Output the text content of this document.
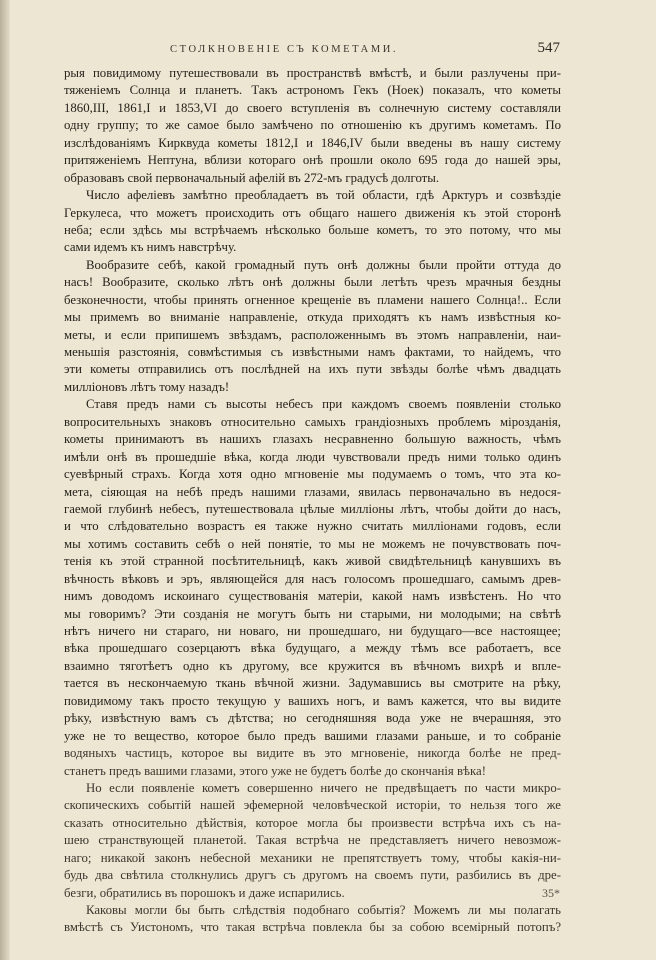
СТОЛКНОВЕНІЕ СЪ КОМЕТАМИ.	547
рыя повидимому путешествовали въ пространствѣ вмѣстѣ, и были разлучены при-
тяженіемъ Солнца и планетъ. Такъ астрономъ Гекъ (Ноек) показалъ, что кометы
1860,III, 1861,I и 1853,VI до своего вступленія въ солнечную систему составляли
одну группу; то же самое было замѣчено по отношенію къ другимъ кометамъ. По
изслѣдованіямъ Кирквуда кометы 1812,I и 1846,IV были введены въ нашу систему
притяженіемъ Нептуна, вблизи котораго онѣ прошли около 695 года до нашей эры,
образовавъ свой первоначальный афелій въ 272-мъ градусѣ долготы.
Число афеліевъ замѣтно преобладаетъ въ той области, гдѣ Арктуръ и созвѣздіе
Геркулеса, что можетъ происходить отъ общаго нашего движенія къ этой сторонѣ
неба; если здѣсь мы встрѣчаемъ нѣсколько больше кометъ, то это потому, что мы
сами идемъ къ нимъ навстрѣчу.
Вообразите себѣ, какой громадный путь онѣ должны были пройти оттуда до
насъ! Вообразите, сколько лѣтъ онѣ должны были летѣть чрезъ мрачныя бездны
безконечности, чтобы принять огненное крещеніе въ пламени нашего Солнца!.. Если
мы примемъ во вниманіе направленіе, откуда приходятъ къ намъ извѣстныя ко-
меты, и если припишемъ звѣздамъ, расположеннымъ въ этомъ направленіи, наи-
меньшія разстоянія, совмѣстимыя съ извѣстными намъ фактами, то найдемъ, что
эти кометы отправились отъ послѣдней на ихъ пути звѣзды болѣе чѣмъ двадцать
милліоновъ лѣтъ тому назадъ!
Ставя предъ нами съ высоты небесъ при каждомъ своемъ появленіи столько
вопросительныхъ знаковъ относительно самыхъ грандіозныхъ проблемъ мірозданія,
кометы принимаютъ въ нашихъ глазахъ несравненно большую важность, чѣмъ
имѣли онѣ въ прошедшіе вѣка, когда люди чувствовали предъ ними только одинъ
суевѣрный страхъ. Когда хотя одно мгновеніе мы подумаемъ о томъ, что эта ко-
мета, сіяющая на небѣ предъ нашими глазами, явилась первоначально въ недося-
гаемой глубинѣ небесъ, путешествовала цѣлые милліоны лѣтъ, чтобы дойти до насъ,
и что слѣдовательно возрастъ ея также нужно считать милліонами годовъ, если
мы хотимъ составить себѣ о ней понятіе, то мы не можемъ не почувствовать поч-
тенія къ этой странной посѣтительницѣ, какъ живой свидѣтельницѣ канувшихъ въ
вѣчность вѣковъ и эръ, являющейся для насъ голосомъ прошедшаго, самымъ древ-
нимъ доводомъ искоинаго существованія матеріи, какой намъ извѣстенъ. Но что
мы говоримъ? Эти созданія не могутъ быть ни старыми, ни молодыми; на свѣтѣ
нѣтъ ничего ни стараго, ни новаго, ни прошедшаго, ни будущаго—все настоящее;
вѣка прошедшаго созерцаютъ вѣка будущаго, а между тѣмъ все работаетъ, все
взаимно тяготѣетъ одно къ другому, все кружится въ вѣчномъ вихрѣ и вплe-
тается въ нескончаемую ткань вѣчной жизни. Задумавшись вы смотрите на рѣку,
повидимому такъ просто текущую у вашихъ ногъ, и вамъ кажется, что вы видите
рѣку, извѣстную вамъ съ дѣтства; но сегодняшняя вода уже не вчерашняя, это
уже не то вещество, которое было предъ вашими глазами раньше, и то собраніе
водяныхъ частицъ, которое вы видите въ это мгновеніе, никогда болѣе не пред-
станетъ предъ вашими глазами, этого уже не будетъ болѣе до скончанія вѣка!
Но если появленіе кометъ совершенно ничего не предвѣщаетъ по части микро-
скопическихъ событій нашей эфемерной человѣческой исторіи, то нельзя того же
сказать относительно дѣйствія, которое могла бы произвести встрѣча ихъ съ на-
шею странствующей планетой. Такая встрѣча не представляетъ ничего невозмож-
наго; никакой законъ небесной механики не препятствуетъ тому, чтобы какія-ни-
будь два свѣтила столкнулись другъ съ другомъ на своемъ пути, разбились въ дре-
безги, обратились въ порошокъ и даже испарились.
Каковы могли бы быть слѣдствія подобнаго событія? Можемъ ли мы полагать
вмѣстѣ съ Уистономъ, что такая встрѣча повлекла бы за собою всемірный потопъ?
35*
